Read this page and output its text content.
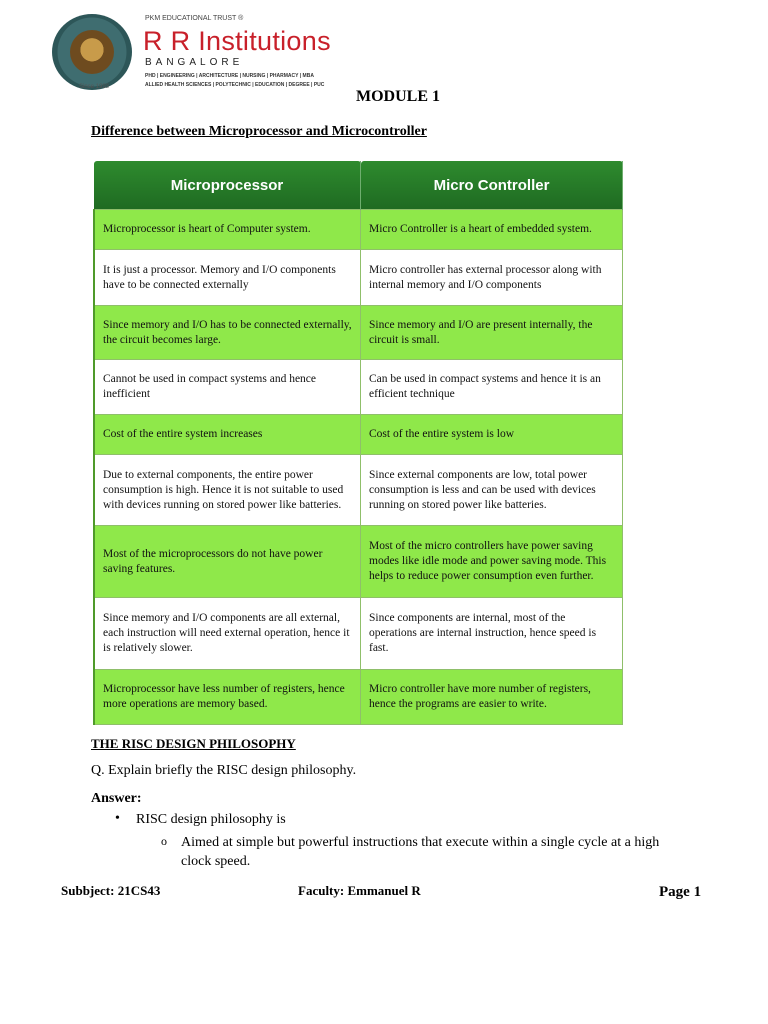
Since 1993
PKM EDUCATIONAL TRUST ®
R R Institutions
BANGALORE
PHD | ENGINEERING | ARCHITECTURE | NURSING | PHARMACY | MBA
ALLIED HEALTH SCIENCES | POLYTECHNIC | EDUCATION | DEGREE | PUC
MODULE 1
Difference between Microprocessor and Microcontroller
Microprocessor	Micro Controller
Microprocessor is heart of Computer system.	Micro Controller is a heart of embedded system.
It is just a processor. Memory and I/O components have to be connected externally	Micro controller has external processor along with internal memory and I/O components
Since memory and I/O has to be connected externally, the circuit becomes large.	Since memory and I/O are present internally, the circuit is small.
Cannot be used in compact systems and hence inefficient	Can be used in compact systems and hence it is an efficient technique
Cost of the entire system increases	Cost of the entire system is low
Due to external components, the entire power consumption is high. Hence it is not suitable to used with devices running on stored power like batteries.	Since external components are low, total power consumption is less and can be used with devices running on stored power like batteries.
Most of the microprocessors do not have power saving features.	Most of the micro controllers have power saving modes like idle mode and power saving mode. This helps to reduce power consumption even further.
Since memory and I/O components are all external, each instruction will need external operation, hence it is relatively slower.	Since components are internal, most of the operations are internal instruction, hence speed is fast.
Microprocessor have less number of registers, hence more operations are memory based.	Micro controller have more number of registers, hence the programs are easier to write.
THE RISC DESIGN PHILOSOPHY
Q. Explain briefly the RISC design philosophy.
Answer:
• RISC design philosophy is
o Aimed at simple but powerful instructions that execute within a single cycle at a high clock speed.
Subbject: 21CS43	Faculty: Emmanuel R	Page 1
